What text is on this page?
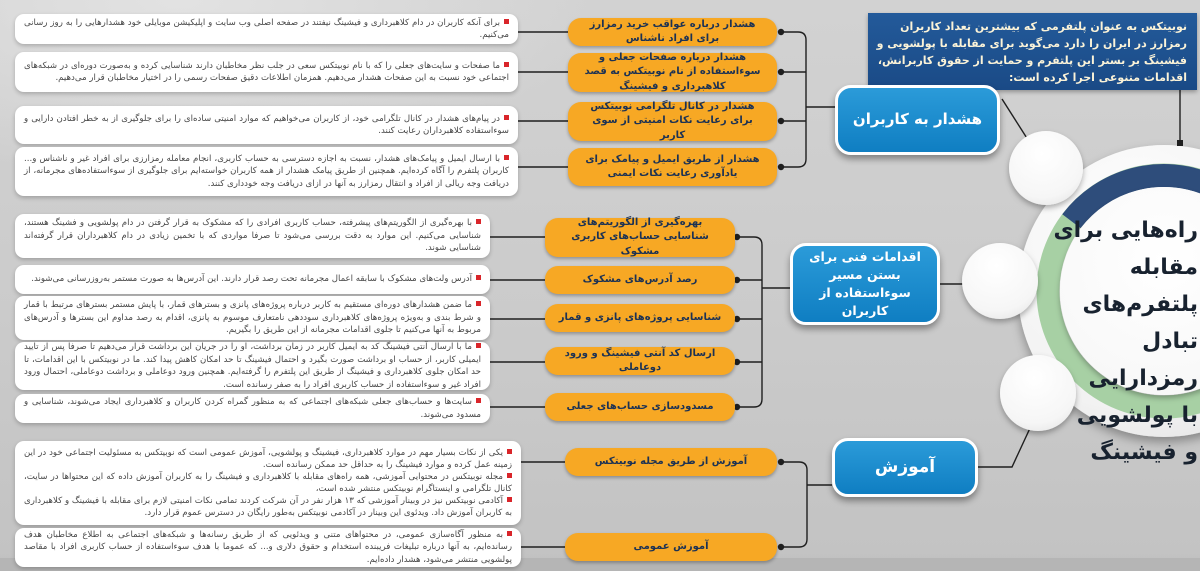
نوبیتکس به عنوان پلتفرمی که بیشترین تعداد کاربران رمزارز در ایران را دارد می‌گوید برای مقابله با پولشویی و فیشینگ بر بستر این پلتفرم و حمایت از حقوق کاربرانش، اقدامات متنوعی اجرا کرده است:
راه‌هایی برای
مقابله پلتفرم‌های
تبادل رمزدارایی
با پولشویی
و فیشینگ
هشدار به کاربران
اقدامات فنی برای بستن مسیر سوءاستفاده از کاربران
آموزش
هشدار درباره عواقب خرید رمزارز برای افراد ناشناس
هشدار درباره صفحات جعلی و سوءاستفاده از نام نوبیتکس به قصد کلاهبرداری و فیشینگ
هشدار در کانال تلگرامی نوبیتکس برای رعایت نکات امنیتی از سوی کاربر
هشدار از طریق ایمیل و پیامک برای یادآوری رعایت نکات ایمنی
بهره‌گیری از الگوریتم‌های شناسایی حساب‌های کاربری مشکوک
رصد آدرس‌های مشکوک
شناسایی پروژه‌های پانزی و قمار
ارسال کد آنتی فیشینگ و ورود دوعاملی
مسدودسازی حساب‌های جعلی
آموزش از طریق مجله نوبیتکس
آموزش عمومی
برای آنکه کاربران در دام کلاهبرداری و فیشینگ نیفتند در صفحه اصلی وب سایت و اپلیکیشن موبایلی خود هشدارهایی را به روز رسانی می‌کنیم.
ما صفحات و سایت‌های جعلی را که با نام نوبیتکس سعی در جلب نظر مخاطبان دارند شناسایی کرده و به‌صورت دوره‌ای در شبکه‌های اجتماعی خود نسبت به این صفحات هشدار می‌دهیم. همزمان اطلاعات دقیق صفحات رسمی را در اختیار مخاطبان قرار می‌دهیم.
در پیام‌های هشدار در کانال تلگرامی خود، از کاربران می‌خواهیم که موارد امنیتی ساده‌ای را برای جلوگیری از به خطر افتادن دارایی و سوءاستفاده کلاهبرداران رعایت کنند.
با ارسال ایمیل و پیامک‌های هشدار، نسبت به اجازه دسترسی به حساب کاربری، انجام معامله رمزارزی برای افراد غیر و ناشناس و... کاربران پلتفرم را آگاه کرده‌ایم. همچنین از طریق پیامک هشدار از همه کاربران خواسته‌ایم برای جلوگیری از سوءاستفاده‌های مجرمانه، از دریافت وجه ریالی از افراد و انتقال رمزارز به آنها در ازای دریافت وجه خودداری کنند.
با بهره‌گیری از الگوریتم‌های پیشرفته، حساب کاربری افرادی را که مشکوک به قرار گرفتن در دام پولشویی و فشینگ هستند، شناسایی می‌کنیم. این موارد به دقت بررسی می‌شود تا صرفا مواردی که با تخمین زیادی در دام کلاهبرداران قرار گرفته‌اند شناسایی شوند.
آدرس ولت‌های مشکوک با سابقه اعمال مجرمانه تحت رصد قرار دارند. این آدرس‌ها به صورت مستمر به‌روزرسانی می‌شوند.
ما ضمن هشدارهای دوره‌ای مستقیم به کاربر درباره پروژه‌های پانزی و بسترهای قمار، با پایش مستمر بسترهای مرتبط با قمار و شرط بندی و به‌ویژه پروژه‌های کلاهبرداری سوددهی نامتعارف موسوم به پانزی، اقدام به رصد مداوم این بسترها و آدرس‌های مربوط به آنها می‌کنیم تا جلوی اقدامات مجرمانه از این طریق را بگیریم.
ما با ارسال آنتی فیشینگ کد به ایمیل کاربر در زمان برداشت، او را در جریان این برداشت قرار می‌دهیم تا صرفا پس از تایید ایمیلی کاربر، از حساب او برداشت صورت بگیرد و احتمال فیشینگ تا حد امکان کاهش پیدا کند. ما در نوبیتکس با این اقدامات، تا حد امکان جلوی کلاهبرداری و فیشینگ از طریق این پلتفرم را گرفته‌ایم. همچنین ورود دوعاملی و برداشت دوعاملی، احتمال ورود افراد غیر و سوءاستفاده از حساب کاربری افراد را به صفر رسانده است.
سایت‌ها و حساب‌های جعلی شبکه‌های اجتماعی که به منظور گمراه کردن کاربران و کلاهبرداری ایجاد می‌شوند، شناسایی و مسدود می‌شوند.
یکی از نکات بسیار مهم در موارد کلاهبرداری، فیشینگ و پولشویی، آموزش عمومی است که نوبیتکس به مسئولیت اجتماعی خود در این زمینه عمل کرده و موارد فیشینگ را به حداقل حد ممکن رسانده است.
مجله نوبیتکس در محتوایی آموزشی، همه راه‌های مقابله با کلاهبرداری و فیشینگ را به کاربران آموزش داده که این محتواها در سایت، کانال تلگرامی و اینستاگرام نوبیتکس منتشر شده است،
آکادمی نوبیتکس نیز در وبینار آموزشی که ۱۳ هزار نفر در آن شرکت کردند تمامی نکات امنیتی لازم برای مقابله با فیشینگ و کلاهبرداری به کاربران آموزش داد. ویدئوی این وبینار در آکادمی نوبیتکس به‌طور رایگان در دسترس عموم قرار دارد.
به منظور آگاه‌سازی عمومی، در محتواهای متنی و ویدئویی که از طریق رسانه‌ها و شبکه‌های اجتماعی به اطلاع مخاطبان هدف رسانده‌ایم، به آنها درباره تبلیغات فریبنده استخدام و حقوق دلاری و... که عموما با هدف سوءاستفاده از حساب کاربری افراد با مقاصد پولشویی منتشر می‌شود، هشدار داده‌ایم.
